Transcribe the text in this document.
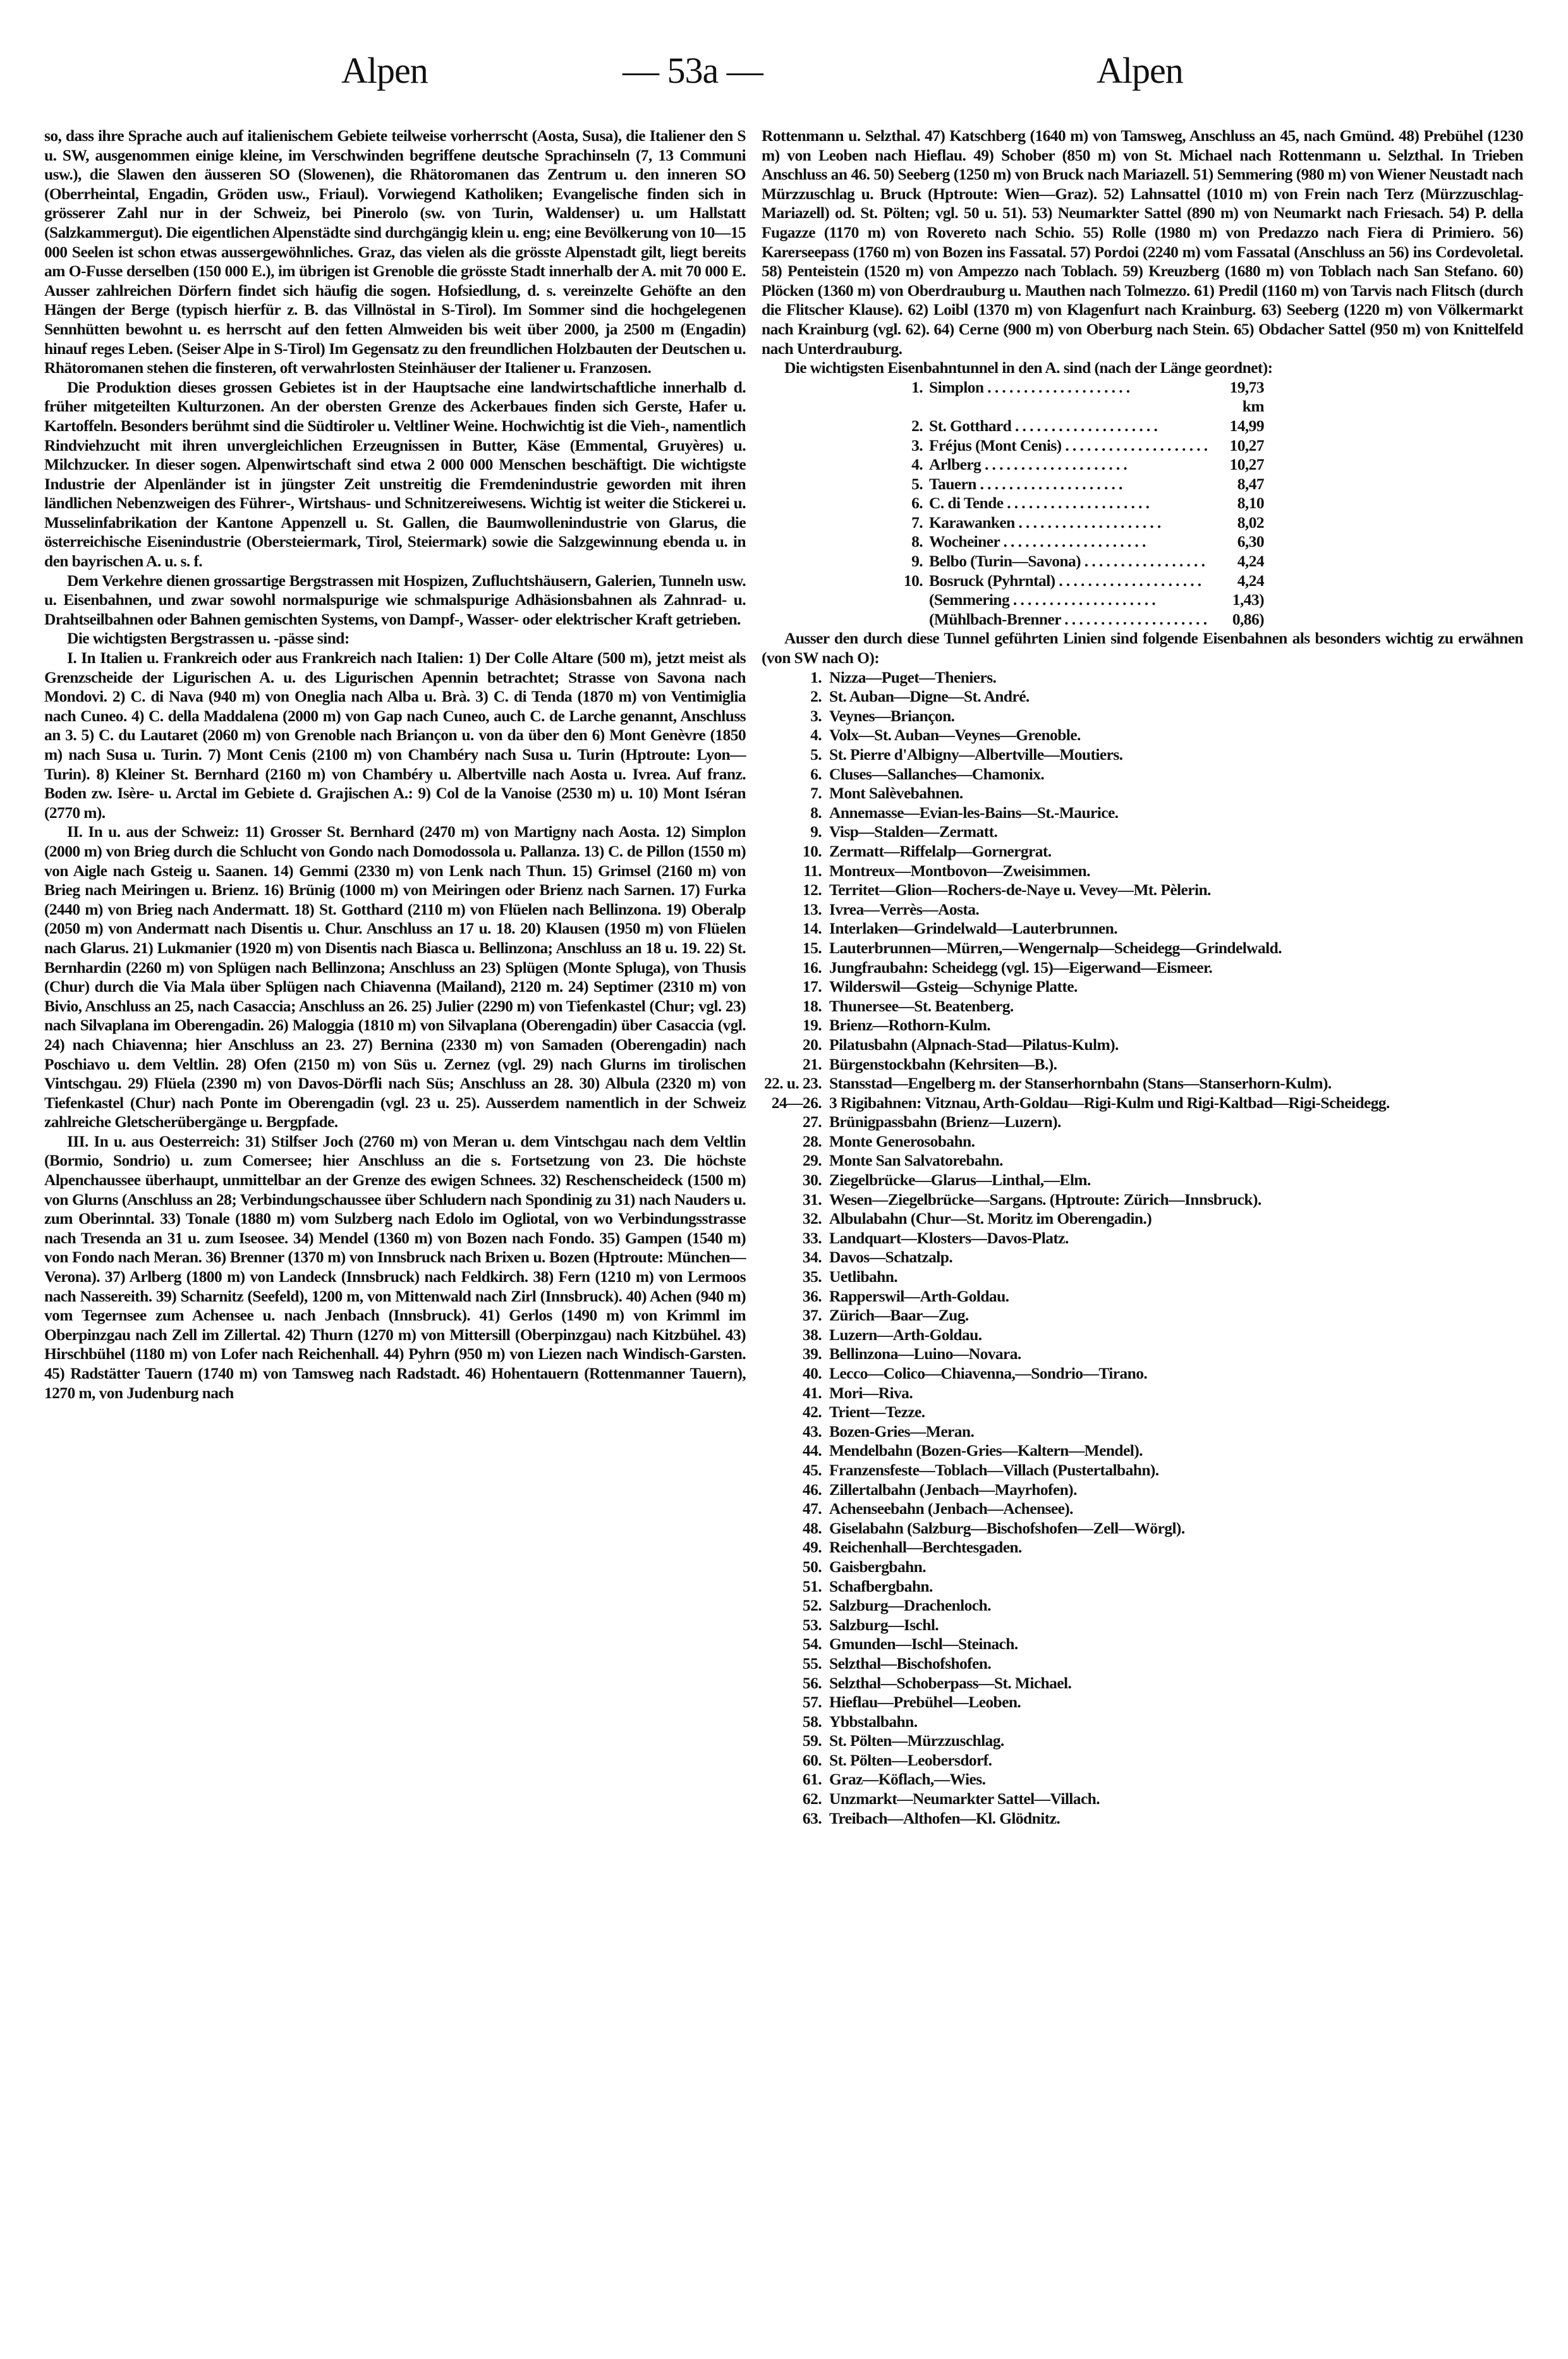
Alpen	— 53a —	Alpen

so, dass ihre Sprache auch auf italienischem Gebiete teilweise vorherrscht (Aosta, Susa), die Italiener den S u. SW, ausgenommen einige kleine, im Verschwinden begriffene deutsche Sprachinseln (7, 13 Communi usw.), die Slawen den äusseren SO (Slowenen), die Rhätoromanen das Zentrum u. den inneren SO (Oberrheintal, Engadin, Gröden usw., Friaul). Vorwiegend Katholiken; Evangelische finden sich in grösserer Zahl nur in der Schweiz, bei Pinerolo (sw. von Turin, Waldenser) u. um Hallstatt (Salzkammergut). Die eigentlichen Alpenstädte sind durchgängig klein u. eng; eine Bevölkerung von 10—15 000 Seelen ist schon etwas aussergewöhnliches. Graz, das vielen als die grösste Alpenstadt gilt, liegt bereits am O-Fusse derselben (150 000 E.), im übrigen ist Grenoble die grösste Stadt innerhalb der A. mit 70 000 E. Ausser zahlreichen Dörfern findet sich häufig die sogen. Hofsiedlung, d. s. vereinzelte Gehöfte an den Hängen der Berge (typisch hierfür z. B. das Villnöstal in S-Tirol). Im Sommer sind die hochgelegenen Sennhütten bewohnt u. es herrscht auf den fetten Almweiden bis weit über 2000, ja 2500 m (Engadin) hinauf reges Leben. (Seiser Alpe in S-Tirol) Im Gegensatz zu den freundlichen Holzbauten der Deutschen u. Rhätoromanen stehen die finsteren, oft verwahrlosten Steinhäuser der Italiener u. Franzosen.

Die Produktion dieses grossen Gebietes ist in der Hauptsache eine landwirtschaftliche innerhalb d. früher mitgeteilten Kulturzonen. An der obersten Grenze des Ackerbaues finden sich Gerste, Hafer u. Kartoffeln. Besonders berühmt sind die Südtiroler u. Veltliner Weine. Hochwichtig ist die Vieh-, namentlich Rindviehzucht mit ihren unvergleichlichen Erzeugnissen in Butter, Käse (Emmental, Gruyères) u. Milchzucker. In dieser sogen. Alpenwirtschaft sind etwa 2 000 000 Menschen beschäftigt. Die wichtigste Industrie der Alpenländer ist in jüngster Zeit unstreitig die Fremdenindustrie geworden mit ihren ländlichen Nebenzweigen des Führer-, Wirtshaus- und Schnitzereiwesens. Wichtig ist weiter die Stickerei u. Musselinfabrikation der Kantone Appenzell u. St. Gallen, die Baumwollenindustrie von Glarus, die österreichische Eisenindustrie (Obersteiermark, Tirol, Steiermark) sowie die Salzgewinnung ebenda u. in den bayrischen A. u. s. f.

Dem Verkehre dienen grossartige Bergstrassen mit Hospizen, Zufluchtshäusern, Galerien, Tunneln usw. u. Eisenbahnen, und zwar sowohl normalspurige wie schmalspurige Adhäsionsbahnen als Zahnrad- u. Drahtseilbahnen oder Bahnen gemischten Systems, von Dampf-, Wasser- oder elektrischer Kraft getrieben.

Die wichtigsten Bergstrassen u. -pässe sind:

I. In Italien u. Frankreich oder aus Frankreich nach Italien: 1) Der Colle Altare (500 m), jetzt meist als Grenzscheide der Ligurischen A. u. des Ligurischen Apennin betrachtet; Strasse von Savona nach Mondovi. 2) C. di Nava (940 m) von Oneglia nach Alba u. Brà. 3) C. di Tenda (1870 m) von Ventimiglia nach Cuneo. 4) C. della Maddalena (2000 m) von Gap nach Cuneo, auch C. de Larche genannt, Anschluss an 3. 5) C. du Lautaret (2060 m) von Grenoble nach Briançon u. von da über den 6) Mont Genèvre (1850 m) nach Susa u. Turin. 7) Mont Cenis (2100 m) von Chambéry nach Susa u. Turin (Hptroute: Lyon—Turin). 8) Kleiner St. Bernhard (2160 m) von Chambéry u. Albertville nach Aosta u. Ivrea. Auf franz. Boden zw. Isère- u. Arctal im Gebiete d. Grajischen A.: 9) Col de la Vanoise (2530 m) u. 10) Mont Iséran (2770 m).

II. In u. aus der Schweiz: 11) Grosser St. Bernhard (2470 m) von Martigny nach Aosta. 12) Simplon (2000 m) von Brieg durch die Schlucht von Gondo nach Domodossola u. Pallanza. 13) C. de Pillon (1550 m) von Aigle nach Gsteig u. Saanen. 14) Gemmi (2330 m) von Lenk nach Thun. 15) Grimsel (2160 m) von Brieg nach Meiringen u. Brienz. 16) Brünig (1000 m) von Meiringen oder Brienz nach Sarnen. 17) Furka (2440 m) von Brieg nach Andermatt. 18) St. Gotthard (2110 m) von Flüelen nach Bellinzona. 19) Oberalp (2050 m) von Andermatt nach Disentis u. Chur. Anschluss an 17 u. 18. 20) Klausen (1950 m) von Flüelen nach Glarus. 21) Lukmanier (1920 m) von Disentis nach Biasca u. Bellinzona; Anschluss an 18 u. 19. 22) St. Bernhardin (2260 m) von Splügen nach Bellinzona; Anschluss an 23) Splügen (Monte Spluga), von Thusis (Chur) durch die Via Mala über Splügen nach Chiavenna (Mailand), 2120 m. 24) Septimer (2310 m) von Bivio, Anschluss an 25, nach Casaccia; Anschluss an 26. 25) Julier (2290 m) von Tiefenkastel (Chur; vgl. 23) nach Silvaplana im Oberengadin. 26) Maloggia (1810 m) von Silvaplana (Oberengadin) über Casaccia (vgl. 24) nach Chiavenna; hier Anschluss an 23. 27) Bernina (2330 m) von Samaden (Oberengadin) nach Poschiavo u. dem Veltlin. 28) Ofen (2150 m) von Süs u. Zernez (vgl. 29) nach Glurns im tirolischen Vintschgau. 29) Flüela (2390 m) von Davos-Dörfli nach Süs; Anschluss an 28. 30) Albula (2320 m) von Tiefenkastel (Chur) nach Ponte im Oberengadin (vgl. 23 u. 25). Ausserdem namentlich in der Schweiz zahlreiche Gletscherübergänge u. Bergpfade.

III. In u. aus Oesterreich: 31) Stilfser Joch (2760 m) von Meran u. dem Vintschgau nach dem Veltlin (Bormio, Sondrio) u. zum Comersee; hier Anschluss an die s. Fortsetzung von 23. Die höchste Alpenchaussee überhaupt, unmittelbar an der Grenze des ewigen Schnees. 32) Reschenscheideck (1500 m) von Glurns (Anschluss an 28; Verbindungschaussee über Schludern nach Spondinig zu 31) nach Nauders u. zum Oberinntal. 33) Tonale (1880 m) vom Sulzberg nach Edolo im Ogliotal, von wo Verbindungsstrasse nach Tresenda an 31 u. zum Iseosee. 34) Mendel (1360 m) von Bozen nach Fondo. 35) Gampen (1540 m) von Fondo nach Meran. 36) Brenner (1370 m) von Innsbruck nach Brixen u. Bozen (Hptroute: München—Verona). 37) Arlberg (1800 m) von Landeck (Innsbruck) nach Feldkirch. 38) Fern (1210 m) von Lermoos nach Nassereith. 39) Scharnitz (Seefeld), 1200 m, von Mittenwald nach Zirl (Innsbruck). 40) Achen (940 m) vom Tegernsee zum Achensee u. nach Jenbach (Innsbruck). 41) Gerlos (1490 m) von Krimml im Oberpinzgau nach Zell im Zillertal. 42) Thurn (1270 m) von Mittersill (Oberpinzgau) nach Kitzbühel. 43) Hirschbühel (1180 m) von Lofer nach Reichenhall. 44) Pyhrn (950 m) von Liezen nach Windisch-Garsten. 45) Radstätter Tauern (1740 m) von Tamsweg nach Radstadt. 46) Hohentauern (Rottenmanner Tauern), 1270 m, von Judenburg nach

Rottenmann u. Selzthal. 47) Katschberg (1640 m) von Tamsweg, Anschluss an 45, nach Gmünd. 48) Prebühel (1230 m) von Leoben nach Hieflau. 49) Schober (850 m) von St. Michael nach Rottenmann u. Selzthal. In Trieben Anschluss an 46. 50) Seeberg (1250 m) von Bruck nach Mariazell. 51) Semmering (980 m) von Wiener Neustadt nach Mürzzuschlag u. Bruck (Hptroute: Wien—Graz). 52) Lahnsattel (1010 m) von Frein nach Terz (Mürzzuschlag-Mariazell) od. St. Pölten; vgl. 50 u. 51). 53) Neumarkter Sattel (890 m) von Neumarkt nach Friesach. 54) P. della Fugazze (1170 m) von Rovereto nach Schio. 55) Rolle (1980 m) von Predazzo nach Fiera di Primiero. 56) Karerseepass (1760 m) von Bozen ins Fassatal. 57) Pordoi (2240 m) vom Fassatal (Anschluss an 56) ins Cordevoletal. 58) Penteistein (1520 m) von Ampezzo nach Toblach. 59) Kreuzberg (1680 m) von Toblach nach San Stefano. 60) Plöcken (1360 m) von Oberdrauburg u. Mauthen nach Tolmezzo. 61) Predil (1160 m) von Tarvis nach Flitsch (durch die Flitscher Klause). 62) Loibl (1370 m) von Klagenfurt nach Krainburg. 63) Seeberg (1220 m) von Völkermarkt nach Krainburg (vgl. 62). 64) Cerne (900 m) von Oberburg nach Stein. 65) Obdacher Sattel (950 m) von Knittelfeld nach Unterdrauburg.

Die wichtigsten Eisenbahntunnel in den A. sind (nach der Länge geordnet):

1. Simplon . . .	19,73 km
2. St. Gotthard . . .	14,99
3. Fréjus (Mont Cenis) . . .	10,27
4. Arlberg . . .	10,27
5. Tauern . . .	8,47
6. C. di Tende . . .	8,10
7. Karawanken . . .	8,02
8. Wocheiner . . .	6,30
9. Belbo (Turin—Savona) . . .	4,24
10. Bosruck (Pyhrntal) . . .	4,24
(Semmering . . .	1,43)
(Mühlbach-Brenner . . .	0,86)

Ausser den durch diese Tunnel geführten Linien sind folgende Eisenbahnen als besonders wichtig zu erwähnen (von SW nach O):

1. Nizza—Puget—Theniers.
2. St. Auban—Digne—St. André.
3. Veynes—Briançon.
4. Volx—St. Auban—Veynes—Grenoble.
5. St. Pierre d'Albigny—Albertville—Moutiers.
6. Cluses—Sallanches—Chamonix.
7. Mont Salèvebahnen.
8. Annemasse—Evian-les-Bains—St.-Maurice.
9. Visp—Stalden—Zermatt.
10. Zermatt—Riffelalp—Gornergrat.
11. Montreux—Montbovon—Zweisimmen.
12. Territet—Glion—Rochers-de-Naye u. Vevey—Mt. Pèlerin.
13. Ivrea—Verrès—Aosta.
14. Interlaken—Grindelwald—Lauterbrunnen.
15. Lauterbrunnen—Mürren,—Wengernalp—Scheidegg—Grindelwald.
16. Jungfraubahn: Scheidegg (vgl. 15)—Eigerwand—Eismeer.
17. Wilderswil—Gsteig—Schynige Platte.
18. Thunersee—St. Beatenberg.
19. Brienz—Rothorn-Kulm.
20. Pilatusbahn (Alpnach-Stad—Pilatus-Kulm).
21. Bürgenstockbahn (Kehrsiten—B.).
22. u. 23. Stansstad—Engelberg m. der Stanserhornbahn (Stans—Stanserhorn-Kulm).
24—26. 3 Rigibahnen: Vitznau, Arth-Goldau—Rigi-Kulm und Rigi-Kaltbad—Rigi-Scheidegg.
27. Brünigpassbahn (Brienz—Luzern).
28. Monte Generosobahn.
29. Monte San Salvatorebahn.
30. Ziegelbrücke—Glarus—Linthal,—Elm.
31. Wesen—Ziegelbrücke—Sargans. (Hptroute: Zürich—Innsbruck).
32. Albulabahn (Chur—St. Moritz im Oberengadin.)
33. Landquart—Klosters—Davos-Platz.
34. Davos—Schatzalp.
35. Uetlibahn.
36. Rapperswil—Arth-Goldau.
37. Zürich—Baar—Zug.
38. Luzern—Arth-Goldau.
39. Bellinzona—Luino—Novara.
40. Lecco—Colico—Chiavenna,—Sondrio—Tirano.
41. Mori—Riva.
42. Trient—Tezze.
43. Bozen-Gries—Meran.
44. Mendelbahn (Bozen-Gries—Kaltern—Mendel).
45. Franzensfeste—Toblach—Villach (Pustertalbahn).
46. Zillertalbahn (Jenbach—Mayrhofen).
47. Achenseebahn (Jenbach—Achensee).
48. Giselabahn (Salzburg—Bischofshofen—Zell—Wörgl).
49. Reichenhall—Berchtesgaden.
50. Gaisbergbahn.
51. Schafbergbahn.
52. Salzburg—Drachenloch.
53. Salzburg—Ischl.
54. Gmunden—Ischl—Steinach.
55. Selzthal—Bischofshofen.
56. Selzthal—Schoberpass—St. Michael.
57. Hieflau—Prebühel—Leoben.
58. Ybbstalbahn.
59. St. Pölten—Mürzzuschlag.
60. St. Pölten—Leobersdorf.
61. Graz—Köflach,—Wies.
62. Unzmarkt—Neumarkter Sattel—Villach.
63. Treibach—Althofen—Kl. Glödnitz.
